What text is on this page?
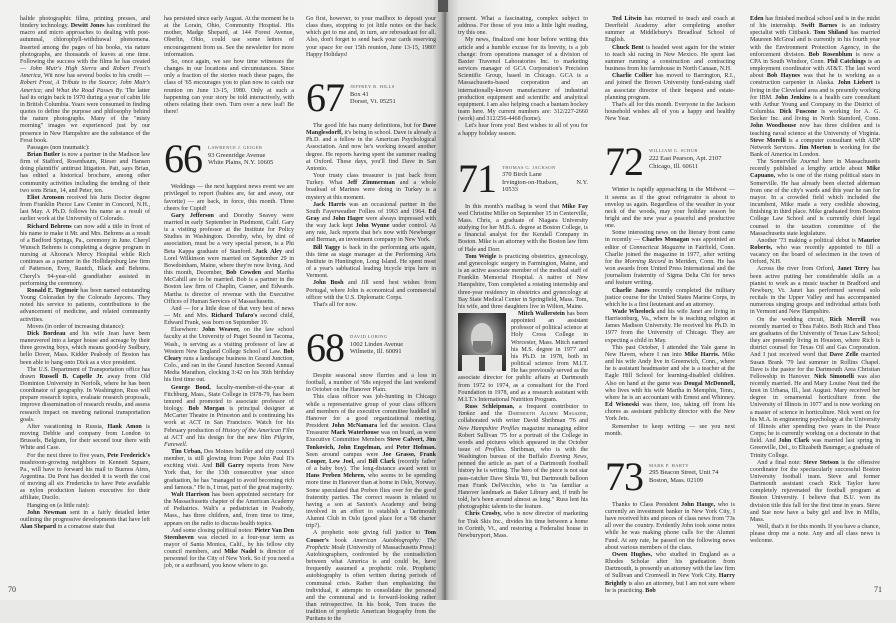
halide photographic films, printing presses, and bindery technology. Dewitt Jones has combined the macro and micro approaches to dealing with post-autumnal, chlorophyll-withdrawal phenomena. Inserted among the pages of his books, via nature photographs, are thousands of leaves at one time. Following the success with the films he has created — John Muir's High Sierra and Robert Frost's America, Wit now has several books to his credit — Robert Frost, A Tribute to the Source; John Muir's America; and What the Road Passes By. The latter had its origin back in 1970 during a year of cabin life in British Columbia. Years were consumed in finding quotes to define the purpose and philosophy behind the nature photographs. Many of the "misty morning" images we experienced just by our presence in New Hampshire are the substance of the Frost book.

Passages (non traumatic):

Brian Butler is now a partner in the Madison law firm of Stafford, Rosenbaum, Rieser and Hansen doing plaintiffs' antitrust litigation. Pati, says Brian, has edited a historical brochure, among other community activities including the tending of their two sons Brian, 14, and Peter, ten.

Eliot Aronson received his Juris Doctor degree from Franklin Pierce Law Center in Concord, N.H., last May. A Ph.D. follows his name as a result of earlier work at the University of Colorado.

Richard Behrens can now add a title in front of his name to make it Mr. and Mrs. Behrens as a result of a Bedford Springs, Pa., ceremony in June. Cheryl Wunsch Behrens is completing a degree program in nursing at Altoona's Mercy Hospital while Rich continues as a partner in the Hollidaysburg law firm of Patterson, Evey, Rautch, Black and Behrens. Cheryl's 94-year-old grandfather assisted in performing the ceremony.

Ronald E. Tegtmeir has been named outstanding Young Coloradan by the Colorado Jaycees. They noted his service to patients, contributions to the advancement of medicine, and related community activities.

Moves (in order of increasing distance):

Dick Bordeau and his wife Jean have been maneuvered into a larger house and acreage by their three growing boys, which means good-by Sudbury, hello Dover, Mass. Kidder Peabody of Boston has been able to hang onto Dick as a vice president.

The U.S. Department of Transportation office has drawn Russell B. Capelle Jr. away from Old Dominion University in Norfolk, where he has been coordinator of geography. In Washington, Russ will prepare research topics, evaluate research proposals, improve dissemination of research results, and assess research impact on meeting national transportation goals.

After vacationing in Russia, Hank Amon is moving Debbie and company from London to Brussels, Belgium, for their second tour there with White and Case.

For the next three to five years, Pete Frederick's mushroom-growing neighbors in Kennett Square, Pa., will have to forward his mail to Buenos Aires, Argentina. Du Pont has decided it is worth the cost of moving all six Fredericks to have Pete available as nylon production liaison executive for their affiliate, Ducilo.

Hanging on (a little rain):

John Newman sent in a fairly detailed letter outlining the progressive developments that have left Alan Shepard in a comatose state that

has persisted since early August. At the moment he is at the Lorain, Ohio, Community Hospital. His mother, Madge Shepard, at 144 Forest Avenue, Oberlin, Ohio, could use some letters of encouragement from us. See the newsletter for more information.

So, once again, we see how time witnesses the changes in our locations and circumstances. Since only a fraction of the stories reach these pages, the class of '65 encourages you to plan now to catch our reunion on June 13-15, 1980. Only at such a happening can your story be told interactively, with others relating their own. Turn over a new leaf! Be there!

66 LAWRENCE J. GEIGER
93 Greenridge Avenue
White Plains, N.Y. 10605

Weddings — the next happiest news event we are privileged to report (babies are, far and away, our favorite) — are back, in force, this month. Three cheers for Cupid!

Gary Jefferson and Dorothy Seavey were married in early September in Piedmont, Calif. Gary is a visiting professor at the Institute for Policy Studies in Washington. Dorothy, who, by dint of association, must be a very special person, is a Phi Beta Kappa graduate of Stanford. Jack Aley and Lorel Wilkinson were married on September 29 in Bowdoinham, Maine, where they're now living. And this month, December, Bob Cowden and Martha McCahill are to be married. Bob is a partner in the Boston law firm of Chaplin, Casner, and Edwards. Martha is director of revenue with the Executive Offices of Human Services of Massachusetts.

And — for a little dose of that very best of news — Mr. and Mrs. Richard Tufaro's second child, Edward Frank, was born on September 19.

Elsewhere: John Weaver, on the law school faculty at the University of Puget Sound in Tacoma, Wash., is serving as a visiting professor of law at Western New England College School of Law. Bob Cleary runs a landscape business in Grand Junction, Colo., and ran in the Grand Junction Second Annual Media Marathon, clocking 3:42 on his 36th birthday his first time out.

George Bond, faculty-member-of-the-year at Fitchburg, Mass., State College in 1978-79, has been tenured and promoted to associate professor of biology. Bob Morgan is principal designer at McCarter Theatre in Princeton and is continuing his work at ACT in San Francisco. Watch for his February production of History of the American Film at ACT and his design for the new film Pilgrim, Farewell.

Tim Urban, Des Moines builder and city council member, is still glowing from Pope John Paul II's exciting visit. And Bill Garry reports from New York that, for the 13th consecutive year since graduation, he has "managed to avoid becoming rich and famous." He is, I trust, part of the great majority.

Walt Harrison has been appointed secretary for the Massachusetts chapter of the American Academy of Pediatrics. Walt's a pediatrician in Peabody, Mass., has three children, and, from time to time, appears on the radio to discuss health topics.

And some closing political notes: Pieter Van Den Steenhoven was elected to a four-year term as mayor of Santa Monica, Calif., by his fellow city council members, and Mike Nadel is director of personnel for the City of New York. So if you need a job, or a surfboard, you know where to go.

Go first, however, to your mailbox to deposit your class dues, stopping to jot little notes on the back which get to me and, in turn, are rebroadcast for all. Also, don't forget to send back your cards reserving your space for our 15th reunion, June 13-15, 1980! Happy Holidays!

67 JEFFREY R. HILLS
Box 41
Dorset, Vt. 05251

The good life has many definitions, but for Dave Manglesdorff, it's being in school. Dave is already a Ph.D. and a fellow in the American Psychological Association. And now he's working toward another degree. He reports having spent the summer reading at Oxford. These days, you'll find Dave in San Antonio.

Your trusty class treasurer is just back from Turkey. What Jeff Zimmerman and a whole boatload of Marines were doing in Turkey is a mystery at this moment.

Jack Harris was an occasional partner in the South Fayerweather Follies of 1963 and 1964. Ed Gray and John Hager were always impressed with the way Jack kept John Wynne under control. At any rate, Jack reports that he's now with Newberger and Berman, an investment company in New York.

Bill Yaggy is back in the performing arts again, this time as stage manager at the Performing Arts Institute in Huntington, Long Island. He spent most of a year's sabbatical leading bicycle trips here in Vermont.

John Bush and Jill send best wishes from Portugal, where John is economical and commercial officer with the U.S. Diplomatic Corps.

That's all for now.

68 DAVID LORING
1002 Linden Avenue
Wilmette, Ill. 60091

Despite seasonal snow flurries and a loss in football, a number of '68s enjoyed the last weekend in October on the Hanover Plain.

This class officer was job-hunting in Chicago while a representative group of your class officers and members of the executive committee huddled in Hanover for a good organizational meeting. President John McNamara led the session. Class Treasurer Mark Waterhouse was on board, as were Executive Committee Members Steve Calvert, Jim Tonkovich, John Engelman, and Peter Hofman. Seen around campus were Joe Grasso, Frank Couper, Lew Joel, and Bill Clark (recently father of a baby boy). The long-distance award went to Hans Preben Mehren, who seems to be spending more time in Hanover than at home in Oslo, Norway. Some speculated that Preben flies over for the good fraternity parties. The correct reason is related to having a son at Saxton's Academy and being involved in an effort to establish a Dartmouth Alumni Club in Oslo (good place for a '68 charter trip?).

A prophetic note giving full justice to Tom Couser's book American Autobiography: The Prophetic Mode (University of Massachusetts Press): Autobiographers, confronted by the contradiction between what America is and could be, have frequently assumed a prophetic role. Prophetic autobiography is often written during periods of communal crisis. Rather than emphasizing the individual, it attempts to consolidate the personal and the communal and is forward-looking rather than retrospective. In his book, Tom traces the tradition of prophetic American biography from the Puritans to the

present. What a fascinating, complex subject to address. For those of you into a little light reading, try this one.

My news, finalized one hour before writing this article and a humble excuse for its brevity, is a job change: from operations manager of a division of Baxter Travenol Laboratories Inc. to marketing services manager of GCA Corporation's Precision Scientific Group, based in Chicago. GCA is a Massachusetts-based corporation and an internationally-known manufacturer of industrial production equipment and scientific and analytical equipment. I am also helping coach a bantam hockey team here. My current numbers are: 312/227-2660 (work) and 312/256-4468 (home).

Let's hear from you! Best wishes to all of you for a happy holiday season.

71 THOMAS G. JACKSON
370 Birch Lane
Irvington-on-Hudson, N.Y. 10533

In this month's mailbag is word that Mike Fay wed Christine Miller on September 15 in Centerville, Mass. Chris, a graduate of Niagara University studying for her M.B.A. degree at Boston College, is a financial analyst for the Kendall Company in Boston. Mike is an attorney with the Boston law firm of Hale and Dorr.

Tom Weigle is practicing obstetrics, gynecology, and gynecologic surgery in Farmington, Maine, and is an active associate member of the medical staff of Franklin Memorial Hospital. A native of New Hampshire, Tom completed a rotating internship and three-year residency in obstetrics and gynecology at Bay State Medical Center in Springfield, Mass. Tom, his wife, and three daughters live in Wilton, Maine.

Mitch Wallerstein has been appointed an assistant professor of political science at Holy Cross College in Worcester, Mass. Mitch earned his M.S. degree in 1977 and his Ph.D. in 1978, both in political science from M.I.T. He has previously served as the associate director for public affairs at Dartmouth from 1972 to 1974, as a consultant for the Ford Foundation in 1978, and as a research assistant with M.I.T.'s International Nutrition Program.

Russ Schleipman, a frequent contributor to Yankee and the Dartmouth Alumni Magazine, collaborated with writer David Shribman '76 and New Hampshire Profiles magazine managing editor Robert Sullivan '75 for a portrait of the College in words and pictures which appeared in the October issue of Profiles. Shribman, who is with the Washington bureau of the Buffalo Evening News, penned the article as part of a Dartmouth football history he is writing. The hero of the piece is not star pass-catcher Dave Shula '81, but Dartmouth balloon man Frank DelVecchio, who is "as familiar a Hanover landmark as Baker Library and, if truth be told, he's been around almost as long." Russ lent his photographic talents to the feature.

Chris Crosby, who is now director of marketing for Trak Skis Inc., divides his time between a home in Corinth, Vt., and restoring a Federalist house in Newburyport, Mass.

Ted Litwin has returned to teach and coach at Deerfield Academy after completing another summer at Middlebury's Breadloaf School of English.

Chuck Bent is headed west again for the winter to teach ski racing in New Mexico. He spent last summer running a construction and contracting business from his farmhouse in North Canaan, N.H.

Charlie Collier has moved to Barrington, R.I., and joined the Brown University fund-raising staff as associate director of their bequest and estate-planning program.

That's all for this month. Everyone in the Jackson household wishes all of you a happy and healthy New Year.

72 WILLIAM G. SCHUR
222 East Pearson, Apt. 2107
Chicago, Ill. 60611

Winter is rapidly approaching in the Midwest — it seems as if the great refrigerator is about to envelop us again. Regardless of the weather in your neck of the woods, may your holiday season be bright and the new year a peaceful and productive one.

Some interesting news on the literary front came in recently — Charles Monagan was appointed an editor of Connecticut Magazine in Fairfield, Conn. Charlie joined the magazine in 1977, after writing for the Morning Record in Meriden, Conn. He has won awards from United Press International and the journalism fraternity of Sigma Delta Chi for news and feature writing.

Charlie Janes recently completed the military justice course for the United States Marine Corps, in which he is a first lieutenant and an attorney.

Wade Wheelock and his wife Janet are living in Harrisonburg, Va., where he is teaching religion at James Madison University. He received his Ph.D. in 1977 from the University of Chicago. They are expecting a child in May.

This past October, I attended the Yale game in New Haven, where I ran into Mike Harris. Mike and his wife Andy live in Greenwich, Conn., where he is assistant headmaster and she is a teacher at the Eagle Hill School for learning-disabled children. Also on hand at the game was Dougal McDonnell, who lives with his wife Martha in Memphis, Tenn., where he is an accountant with Ernest and Whinney. Ed Wisneski was there, too, taking off from his chores as assistant publicity director with the New York Jets.

Remember to keep writing — see you next month.

73 MARK P. HARTY
295 Beacon Street, Unit 74
Boston, Mass. 02109

Thanks to Class President John Hauge, who is currently an investment banker in New York City, I have received bits and pieces of class news from '73s all over the country. Evidently John took some notes while he was making phone calls for the Alumni Fund. At any rate, he passed on the following news about various members of the class.

Owen Hughes, who studied in England as a Rhodes Scholar after his graduation from Dartmouth, is presently an attorney with the law firm of Sullivan and Cromwell in New York City. Harry Brightly is also an attorney, but I am not sure where he is practicing. Bob

Eden has finished medical school and is in the midst of his internship. Swift Barnes is an industry specialist with Citibank. Tom Shiland has married Maureen McGreal and is currently in his fourth year with the Environment Protection Agency, in the enforcement division. Bob Rosenblum is now a CPA in South Windsor, Conn. Phil Catchings is an employment coordinator with AT&T. The last word about Bob Haynes was that he is working as a construction carpenter in Alaska. John Liebert is living in the Cleveland area and is presently working for IBM. John Jenkins is a health care consultant with Arthur Young and Company in the District of Columbia. Dick Fuscone is working for A. G. Becker Inc. and living in North Stamford, Conn. John Woodhouse now has three children and is teaching naval science at the University of Virginia. Steve Morelli is a computer consultant with ADP Network Services. Jim Morton is working for the Bank of America in London.

The Somerville Journal here in Massachusetts recently published a lengthy article about Mike Capuano, who is one of the rising political stars in Somerville. He has already been elected alderman from one of the city's wards and this year he ran for mayor. In a crowded field which included the incumbent, Mike made a very credible showing, finishing in third place. Mike graduated from Boston College Law School and is currently chief legal counsel to the taxation committee of the Massachusetts state legislature.

Another '73 making a political debut is Maurice Roberts, who was recently appointed to fill a vacancy on the board of selectmen in the town of Orford, N.H.

Across the river from Orford, Janet Terry has been active putting her considerable skills as a pianist to work as a music teacher in Bradford and Newbury, Vt. Janet has performed several solo recitals in the Upper Valley and has accompanied numerous singing groups and individual artists both in Vermont and New Hampshire.

On the wedding circuit, Rich Merrill was recently married to Thea Fabio. Both Rich and Thea are graduates of the University of Texas Law School; they are presently living in Houston, where Rich is district counsel for Texas Oil and Gas Corporation. And I just received word that Dave Zelle married Susan Brank '79 last summer in Rollins Chapel. Dave is the pastor for the Dartmouth Area Christian Fellowship in Hanover. Nick Simonelli was also recently married. He and Mary Louise Neat tied the knot in Urbana, Ill., last August. Mary received her degree in ornamental horticulture from the University of Illinois in 1977 and is now working on a master of science in horticulture. Nick went on for his M.A. in engineering psychology at the University of Illinois after spending two years in the Peace Corps; he is currently working on a doctorate in that field. And John Clark was married last spring in Greenville, Del., to Elizabeth Baumger, a graduate of Trinity College.

And a final note: Steve Stetson is the offensive coordinator for the spectacularly successful Boston University football team. Steve and former Dartmouth assistant coach Rick Taylor have completely rejuvenated the football program at Boston University. I believe that B.U. won its division title this fall for the first time in years. Steve and Sue now have a baby girl and live in Millis, Mass.

Well, that's it for this month. If you have a chance, please drop me a note. Any and all class news is welcome.

70	71
